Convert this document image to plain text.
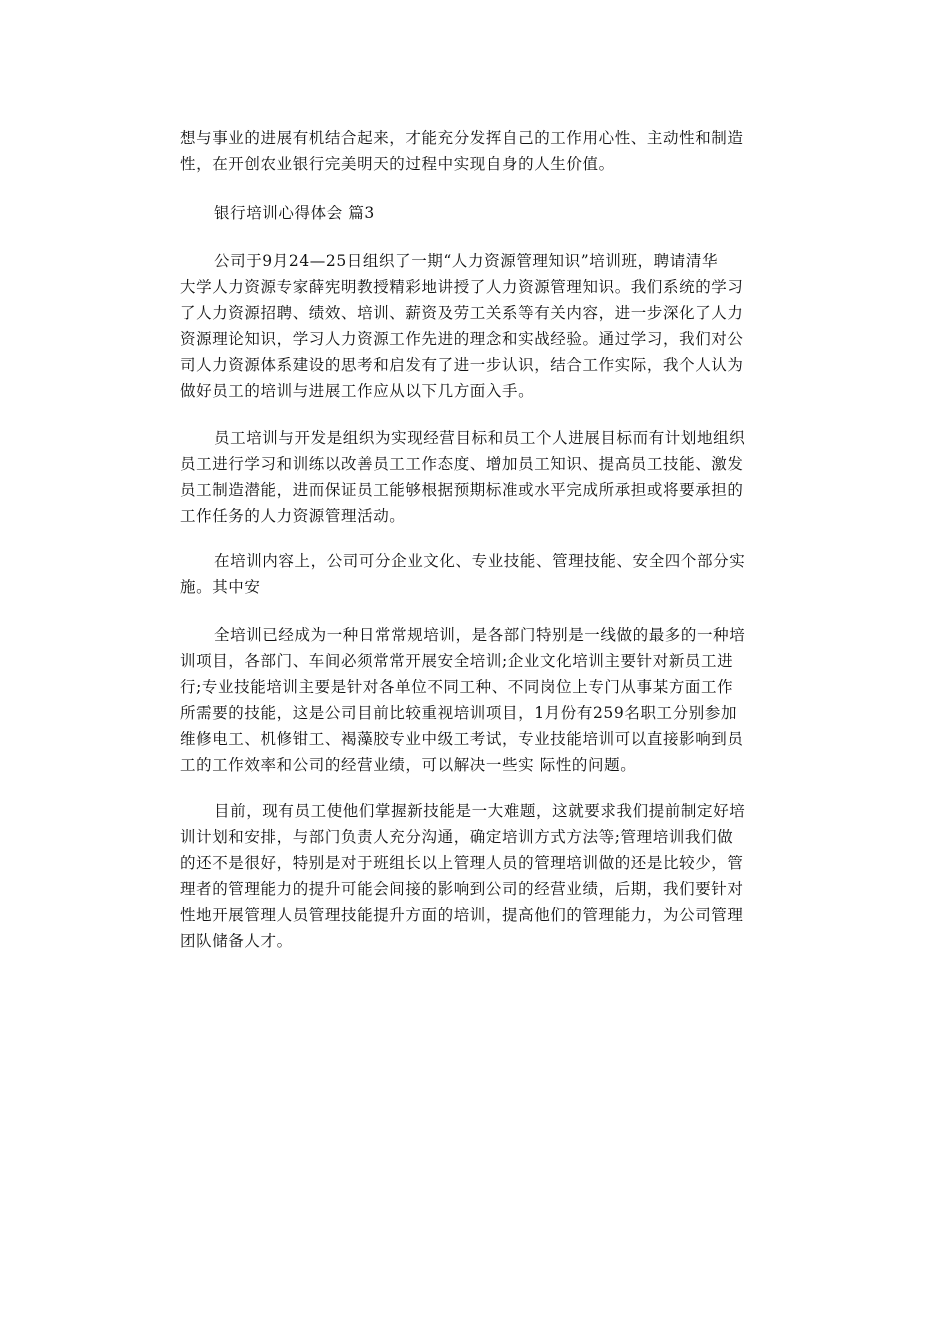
想与事业的进展有机结合起来，才能充分发挥自己的工作用心性、主动性和制造
性，在开创农业银行完美明天的过程中实现自身的人生价值。
银行培训心得体会 篇3
公司于9月24—25日组织了一期“人力资源管理知识”培训班，聘请清华
大学人力资源专家薛宪明教授精彩地讲授了人力资源管理知识。我们系统的学习
了人力资源招聘、绩效、培训、薪资及劳工关系等有关内容，进一步深化了人力
资源理论知识，学习人力资源工作先进的理念和实战经验。通过学习，我们对公
司人力资源体系建设的思考和启发有了进一步认识，结合工作实际，我个人认为
做好员工的培训与进展工作应从以下几方面入手。
员工培训与开发是组织为实现经营目标和员工个人进展目标而有计划地组织
员工进行学习和训练以改善员工工作态度、增加员工知识、提高员工技能、激发
员工制造潜能，进而保证员工能够根据预期标准或水平完成所承担或将要承担的
工作任务的人力资源管理活动。
在培训内容上，公司可分企业文化、专业技能、管理技能、安全四个部分实
施。其中安
全培训已经成为一种日常常规培训，是各部门特别是一线做的最多的一种培
训项目，各部门、车间必须常常开展安全培训;企业文化培训主要针对新员工进
行;专业技能培训主要是针对各单位不同工种、不同岗位上专门从事某方面工作
所需要的技能，这是公司目前比较重视培训项目，1月份有259名职工分别参加
维修电工、机修钳工、褐藻胶专业中级工考试，专业技能培训可以直接影响到员
工的工作效率和公司的经营业绩，可以解决一些实 际性的问题。
目前，现有员工使他们掌握新技能是一大难题，这就要求我们提前制定好培
训计划和安排，与部门负责人充分沟通，确定培训方式方法等;管理培训我们做
的还不是很好，特别是对于班组长以上管理人员的管理培训做的还是比较少，管
理者的管理能力的提升可能会间接的影响到公司的经营业绩，后期，我们要针对
性地开展管理人员管理技能提升方面的培训，提高他们的管理能力，为公司管理
团队储备人才。
